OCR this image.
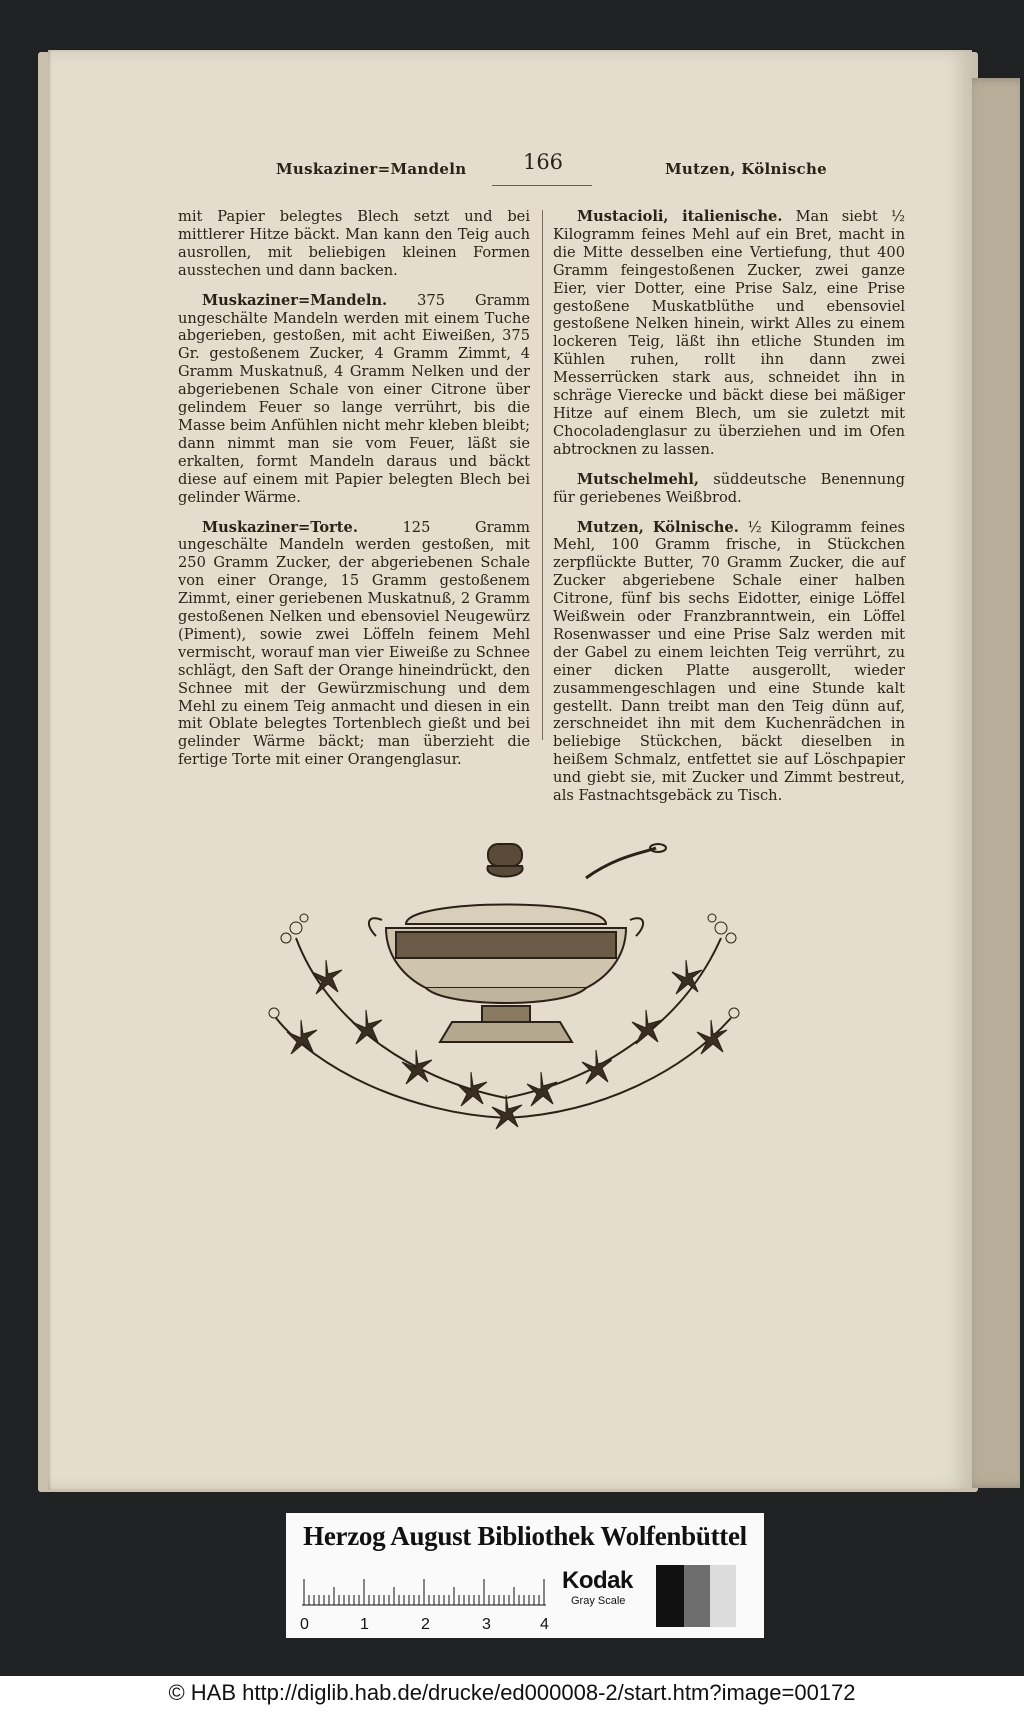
Muskaziner=Mandeln	166	Mutzen, Kölnische

mit Papier belegtes Blech setzt und bei mittlerer Hitze bäckt. Man kann den Teig auch ausrollen, mit beliebigen kleinen Formen ausstechen und dann backen.

Muskaziner=Mandeln. 375 Gramm ungeschälte Mandeln werden mit einem Tuche abgerieben, gestoßen, mit acht Eiweißen, 375 Gr. gestoßenem Zucker, 4 Gramm Zimmt, 4 Gramm Muskatnuß, 4 Gramm Nelken und der abgeriebenen Schale von einer Citrone über gelindem Feuer so lange verrührt, bis die Masse beim Anfühlen nicht mehr kleben bleibt; dann nimmt man sie vom Feuer, läßt sie erkalten, formt Mandeln daraus und bäckt diese auf einem mit Papier belegten Blech bei gelinder Wärme.

Muskaziner=Torte. 125 Gramm ungeschälte Mandeln werden gestoßen, mit 250 Gramm Zucker, der abgeriebenen Schale von einer Orange, 15 Gramm gestoßenem Zimmt, einer geriebenen Muskatnuß, 2 Gramm gestoßenen Nelken und ebensoviel Neugewürz (Piment), sowie zwei Löffeln feinem Mehl vermischt, worauf man vier Eiweiße zu Schnee schlägt, den Saft der Orange hineindrückt, den Schnee mit der Gewürzmischung und dem Mehl zu einem Teig anmacht und diesen in ein mit Oblate belegtes Tortenblech gießt und bei gelinder Wärme bäckt; man überzieht die fertige Torte mit einer Orangenglasur.

Mustacioli, italienische. Man siebt ½ Kilogramm feines Mehl auf ein Bret, macht in die Mitte desselben eine Vertiefung, thut 400 Gramm feingestoßenen Zucker, zwei ganze Eier, vier Dotter, eine Prise Salz, eine Prise gestoßene Muskatblüthe und ebensoviel gestoßene Nelken hinein, wirkt Alles zu einem lockeren Teig, läßt ihn etliche Stunden im Kühlen ruhen, rollt ihn dann zwei Messerrücken stark aus, schneidet ihn in schräge Vierecke und bäckt diese bei mäßiger Hitze auf einem Blech, um sie zuletzt mit Chocoladenglasur zu überziehen und im Ofen abtrocknen zu lassen.

Mutschelmehl, süddeutsche Benennung für geriebenes Weißbrod.

Mutzen, Kölnische. ½ Kilogramm feines Mehl, 100 Gramm frische, in Stückchen zerpflückte Butter, 70 Gramm Zucker, die auf Zucker abgeriebene Schale einer halben Citrone, fünf bis sechs Eidotter, einige Löffel Weißwein oder Franzbranntwein, ein Löffel Rosenwasser und eine Prise Salz werden mit der Gabel zu einem leichten Teig verrührt, zu einer dicken Platte ausgerollt, wieder zusammengeschlagen und eine Stunde kalt gestellt. Dann treibt man den Teig dünn auf, zerschneidet ihn mit dem Kuchenrädchen in beliebige Stückchen, bäckt dieselben in heißem Schmalz, entfettet sie auf Löschpapier und giebt sie, mit Zucker und Zimmt bestreut, als Fastnachtsgebäck zu Tisch.

Herzog August Bibliothek Wolfenbüttel
0	1	2	3	4
Kodak
Gray Scale
© HAB http://diglib.hab.de/drucke/ed000008-2/start.htm?image=00172
